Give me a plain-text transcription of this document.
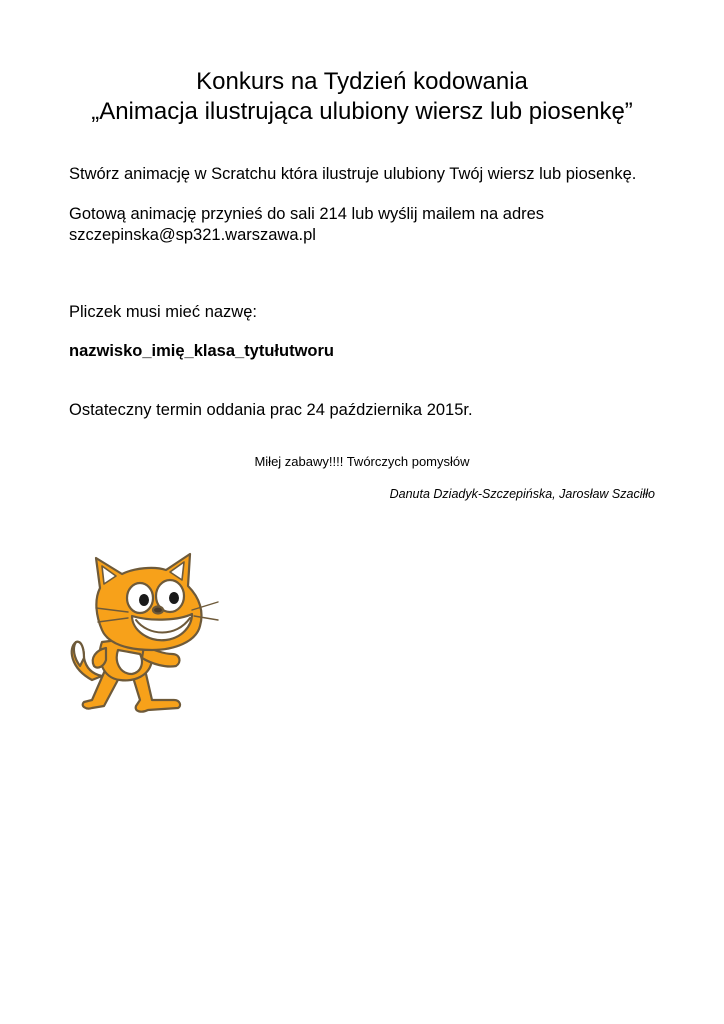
Konkurs na Tydzień kodowania
„Animacja ilustrująca ulubiony wiersz lub piosenkę”

Stwórz animację w Scratchu która ilustruje ulubiony Twój wiersz lub piosenkę.

Gotową animację przynieś do sali 214 lub wyślij mailem na adres

szczepinska@sp321.warszawa.pl

Pliczek musi mieć nazwę:

nazwisko_imię_klasa_tytułutworu

Ostateczny termin oddania prac 24 października 2015r.

Miłej zabawy!!!! Twórczych pomysłów

Danuta Dziadyk-Szczepińska, Jarosław Szaciłło
